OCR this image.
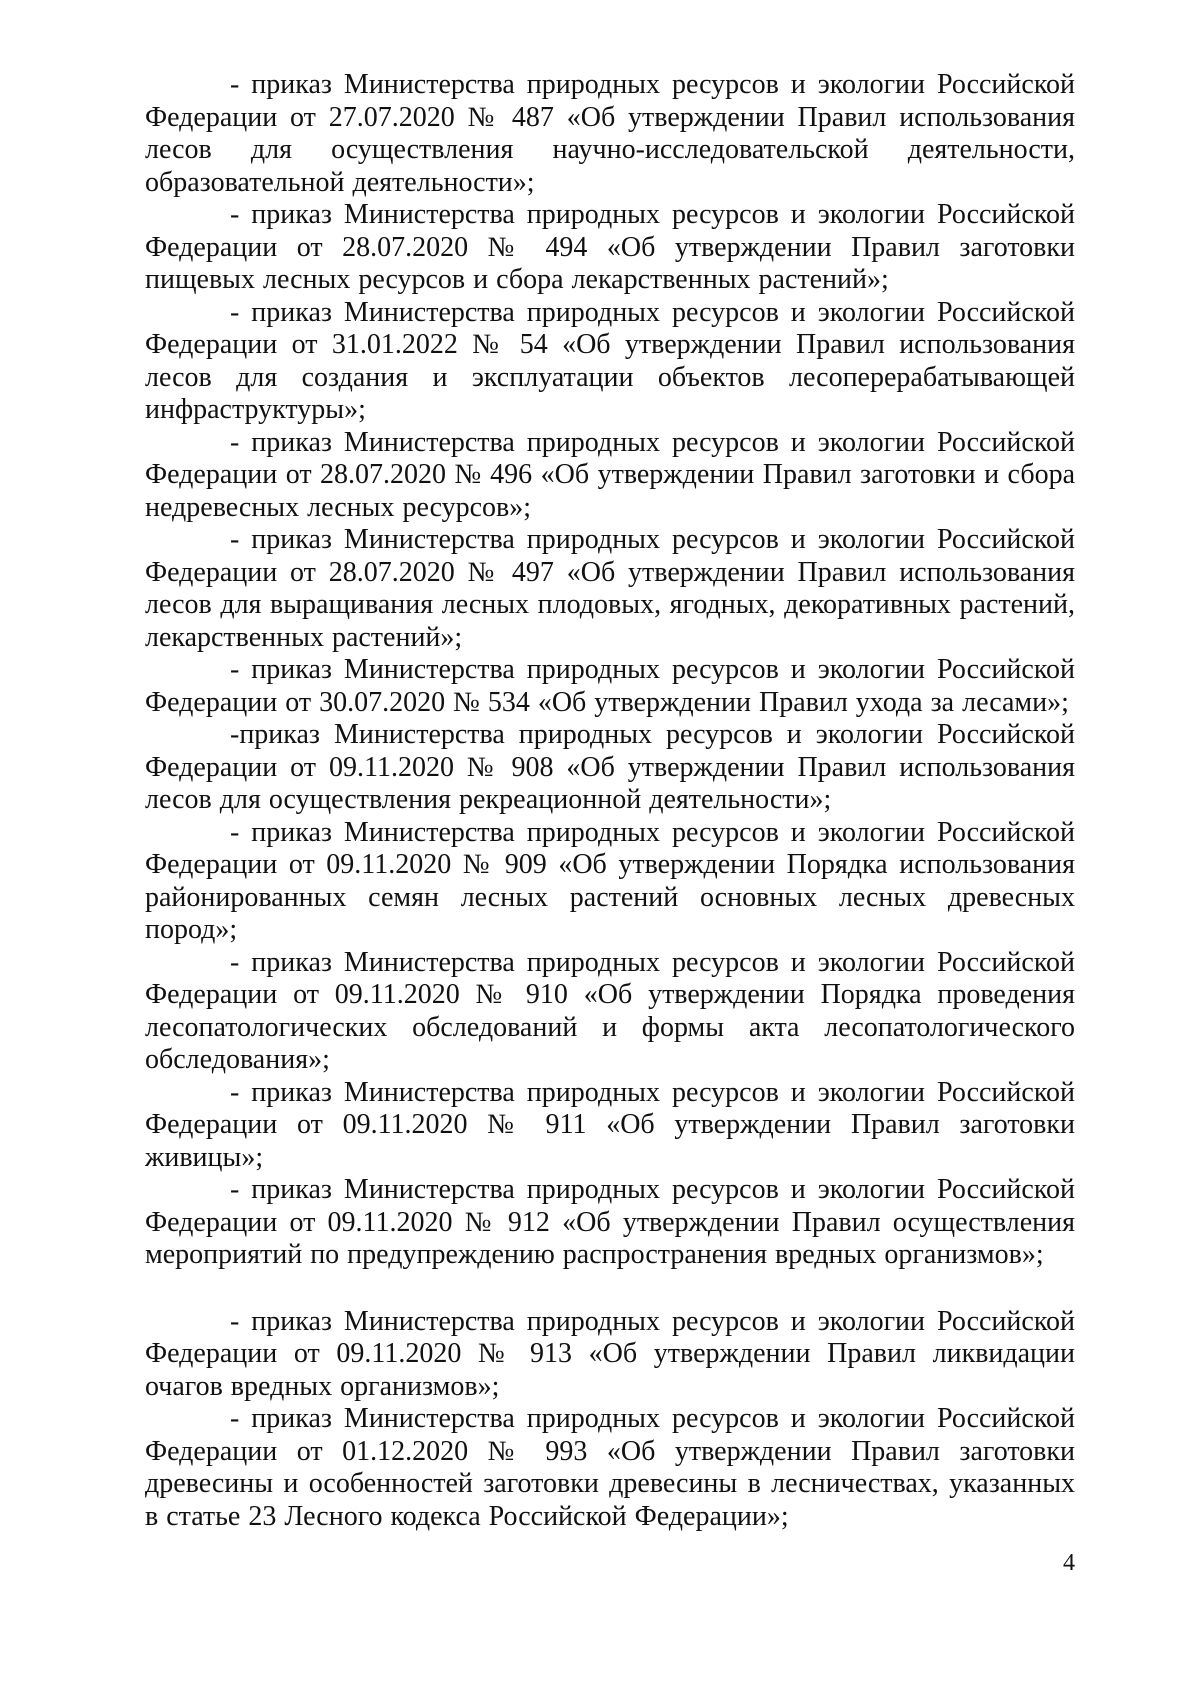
- приказ Министерства природных ресурсов и экологии Российской Федерации от 27.07.2020 № 487 «Об утверждении Правил использования лесов для осуществления научно-исследовательской деятельности, образовательной деятельности»;

- приказ Министерства природных ресурсов и экологии Российской Федерации от 28.07.2020 № 494 «Об утверждении Правил заготовки пищевых лесных ресурсов и сбора лекарственных растений»;

- приказ Министерства природных ресурсов и экологии Российской Федерации от 31.01.2022 № 54 «Об утверждении Правил использования лесов для создания и эксплуатации объектов лесоперерабатывающей инфраструктуры»;

- приказ Министерства природных ресурсов и экологии Российской Федерации от 28.07.2020 № 496 «Об утверждении Правил заготовки и сбора недревесных лесных ресурсов»;

- приказ Министерства природных ресурсов и экологии Российской Федерации от 28.07.2020 № 497 «Об утверждении Правил использования лесов для выращивания лесных плодовых, ягодных, декоративных растений, лекарственных растений»;

- приказ Министерства природных ресурсов и экологии Российской Федерации от 30.07.2020 № 534 «Об утверждении Правил ухода за лесами»;

-приказ Министерства природных ресурсов и экологии Российской Федерации от 09.11.2020 № 908 «Об утверждении Правил использования лесов для осуществления рекреационной деятельности»;

- приказ Министерства природных ресурсов и экологии Российской Федерации от 09.11.2020 № 909 «Об утверждении Порядка использования районированных семян лесных растений основных лесных древесных пород»;

- приказ Министерства природных ресурсов и экологии Российской Федерации от 09.11.2020 № 910 «Об утверждении Порядка проведения лесопатологических обследований и формы акта лесопатологического обследования»;

- приказ Министерства природных ресурсов и экологии Российской Федерации от 09.11.2020 № 911 «Об утверждении Правил заготовки живицы»;

- приказ Министерства природных ресурсов и экологии Российской Федерации от 09.11.2020 № 912 «Об утверждении Правил осуществления мероприятий по предупреждению распространения вредных организмов»;

- приказ Министерства природных ресурсов и экологии Российской Федерации от 09.11.2020 № 913 «Об утверждении Правил ликвидации очагов вредных организмов»;

- приказ Министерства природных ресурсов и экологии Российской Федерации от 01.12.2020 № 993 «Об утверждении Правил заготовки древесины и особенностей заготовки древесины в лесничествах, указанных в статье 23 Лесного кодекса Российской Федерации»;

4
